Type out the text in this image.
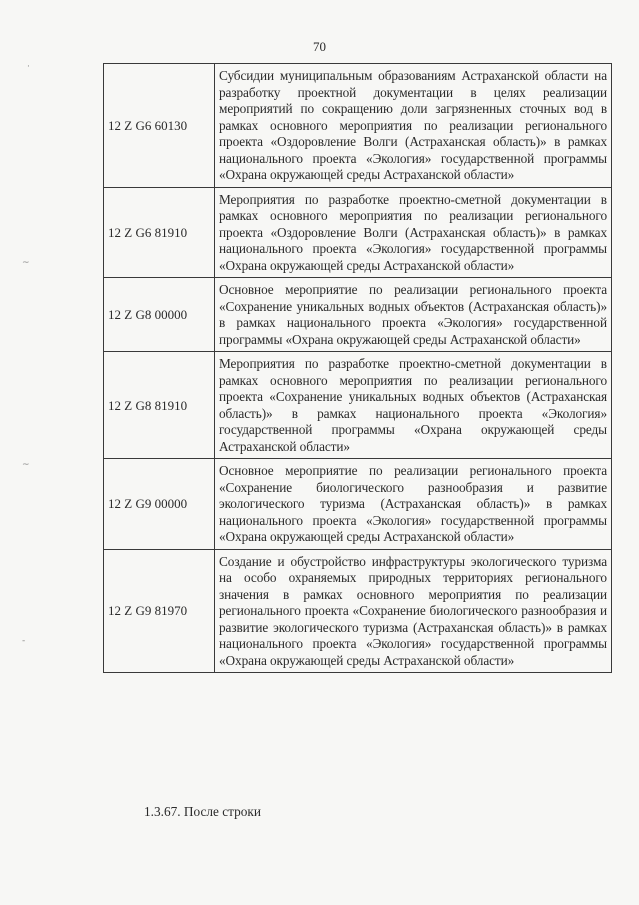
70
12 Z G6 60130	Субсидии муниципальным образованиям Астраханской области на разработку проектной документации в целях реализации мероприятий по сокращению доли загрязненных сточных вод в рамках основного мероприятия по реализации регионального проекта «Оздоровление Волги (Астраханская область)» в рамках национального проекта «Экология» государственной программы «Охрана окружающей среды Астраханской области»
12 Z G6 81910	Мероприятия по разработке проектно-сметной документации в рамках основного мероприятия по реализации регионального проекта «Оздоровление Волги (Астраханская область)» в рамках национального проекта «Экология» государственной программы «Охрана окружающей среды Астраханской области»
12 Z G8 00000	Основное мероприятие по реализации регионального проекта «Сохранение уникальных водных объектов (Астраханская область)» в рамках национального проекта «Экология» государственной программы «Охрана окружающей среды Астраханской области»
12 Z G8 81910	Мероприятия по разработке проектно-сметной документации в рамках основного мероприятия по реализации регионального проекта «Сохранение уникальных водных объектов (Астраханская область)» в рамках национального проекта «Экология» государственной программы «Охрана окружающей среды Астраханской области»
12 Z G9 00000	Основное мероприятие по реализации регионального проекта «Сохранение биологического разнообразия и развитие экологического туризма (Астраханская область)» в рамках национального проекта «Экология» государственной программы «Охрана окружающей среды Астраханской области»
12 Z G9 81970	Создание и обустройство инфраструктуры экологического туризма на особо охраняемых природных территориях регионального значения в рамках основного мероприятия по реализации регионального проекта «Сохранение биологического разнообразия и развитие экологического туризма (Астраханская область)» в рамках национального проекта «Экология» государственной программы «Охрана окружающей среды Астраханской области»
1.3.67. После строки
·
~
~
-
